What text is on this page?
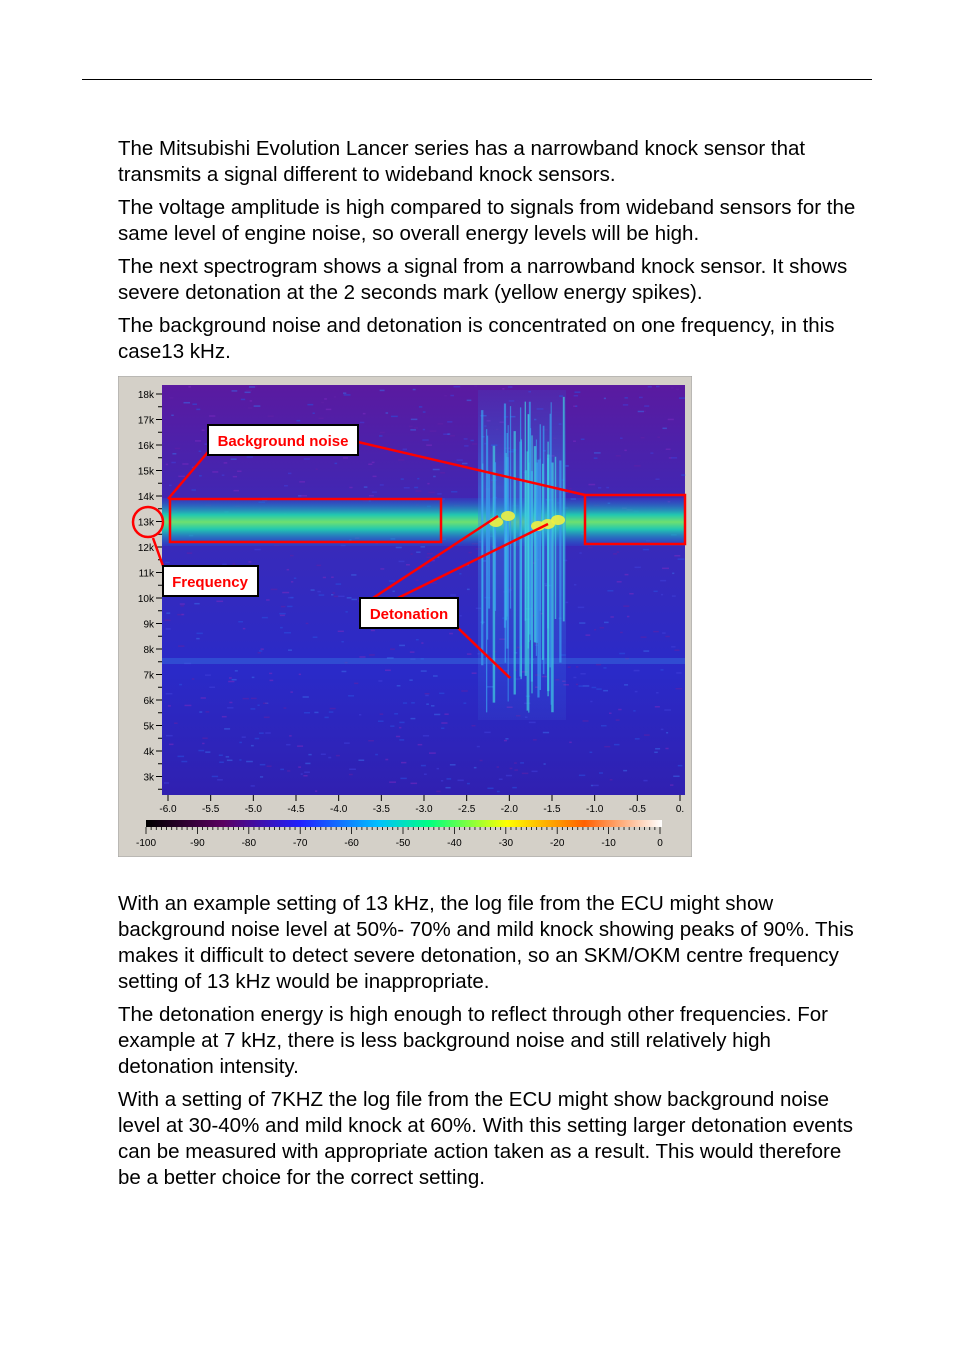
The Mitsubishi Evolution Lancer series has a narrowband knock sensor that transmits a signal different to wideband knock sensors.

The voltage amplitude is high compared to signals from wideband sensors for the same level of engine noise, so overall energy levels will be high.

The next spectrogram shows a signal from a narrowband knock sensor. It shows severe detonation at the 2 seconds mark (yellow energy spikes).

The background noise and detonation is concentrated on one frequency, in this case13 kHz.

18k
17k
16k
15k
14k
13k
12k
11k
10k
9k
8k
7k
6k
5k
4k
3k
-6.0	-5.5	-5.0	-4.5	-4.0	-3.5	-3.0	-2.5	-2.0	-1.5	-1.0	-0.5	0.
-100	-90	-80	-70	-60	-50	-40	-30	-20	-10	0
Background noise
Frequency
Detonation

With an example setting of 13 kHz, the log file from the ECU might show background noise level at 50%- 70% and mild knock showing peaks of 90%. This makes it difficult to detect severe detonation, so an SKM/OKM centre frequency setting of 13 kHz would be inappropriate.

The detonation energy is high enough to reflect through other frequencies. For example at 7 kHz, there is less background noise and still relatively high detonation intensity.

With a setting of 7KHZ the log file from the ECU might show background noise level at 30-40% and mild knock at 60%. With this setting larger detonation events can be measured with appropriate action taken as a result. This would therefore be a better choice for the correct setting.
